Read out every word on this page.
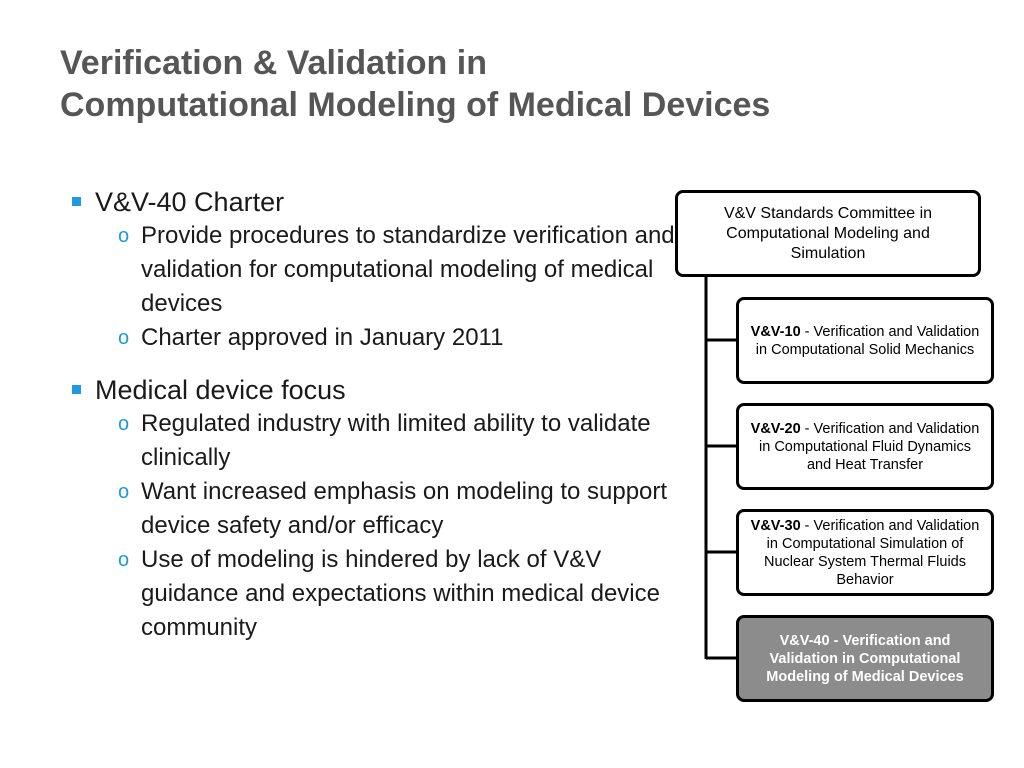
Verification & Validation in
Computational Modeling of Medical Devices
V&V-40 Charter
o Provide procedures to standardize verification and validation for computational modeling of medical devices
o Charter approved in January 2011
Medical device focus
o Regulated industry with limited ability to validate clinically
o Want increased emphasis on modeling to support device safety and/or efficacy
o Use of modeling is hindered by lack of V&V guidance and expectations within medical device community
V&V Standards Committee in Computational Modeling and Simulation
V&V-10 - Verification and Validation in Computational Solid Mechanics
V&V-20 - Verification and Validation in Computational Fluid Dynamics and Heat Transfer
V&V-30 - Verification and Validation in Computational Simulation of Nuclear System Thermal Fluids Behavior
V&V-40 - Verification and Validation in Computational Modeling of Medical Devices
